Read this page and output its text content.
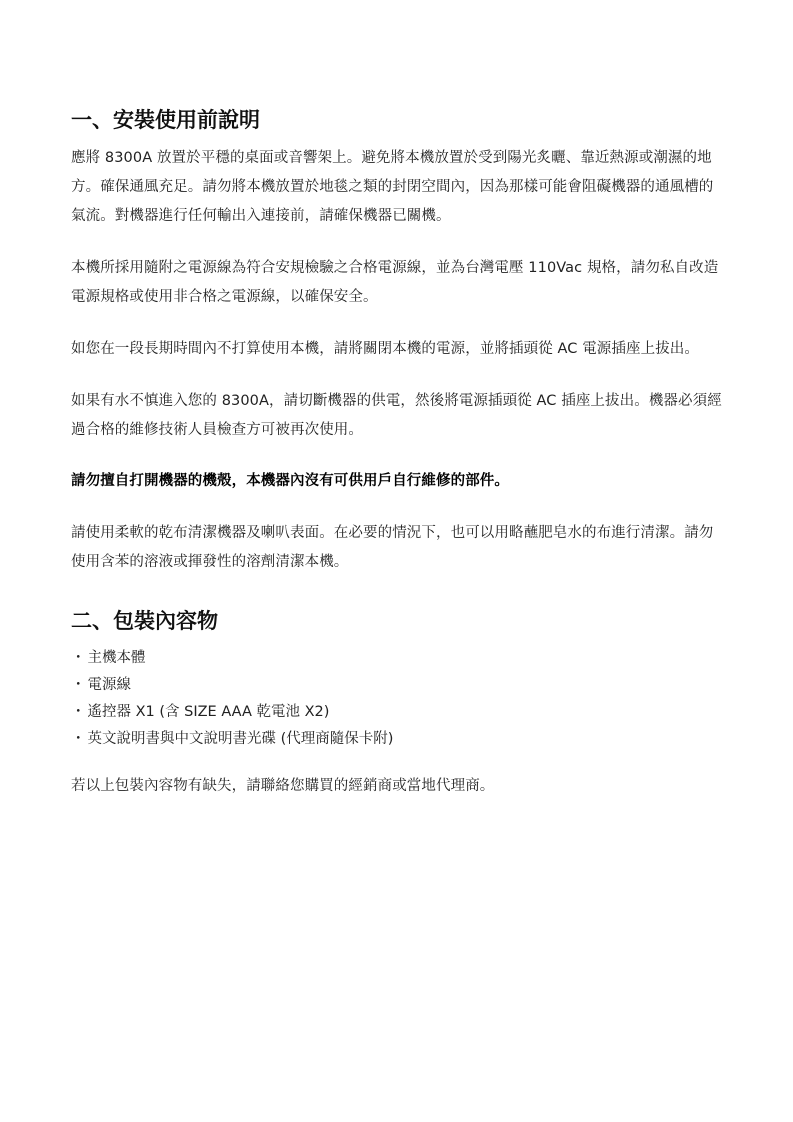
一、安裝使用前說明

應將 8300A 放置於平穩的桌面或音響架上。避免將本機放置於受到陽光炙曬、靠近熱源或潮濕的地方。確保通風充足。請勿將本機放置於地毯之類的封閉空間內，因為那樣可能會阻礙機器的通風槽的氣流。對機器進行任何輸出入連接前，請確保機器已關機。

本機所採用隨附之電源線為符合安規檢驗之合格電源線，並為台灣電壓 110Vac 規格，請勿私自改造電源規格或使用非合格之電源線，以確保安全。

如您在一段長期時間內不打算使用本機，請將關閉本機的電源，並將插頭從 AC 電源插座上拔出。

如果有水不慎進入您的 8300A，請切斷機器的供電，然後將電源插頭從 AC 插座上拔出。機器必須經過合格的維修技術人員檢查方可被再次使用。

請勿擅自打開機器的機殼，本機器內沒有可供用戶自行維修的部件。

請使用柔軟的乾布清潔機器及喇叭表面。在必要的情況下，也可以用略蘸肥皂水的布進行清潔。請勿使用含苯的溶液或揮發性的溶劑清潔本機。

二、包裝內容物
・ 主機本體
・ 電源線
・ 遙控器 X1 (含 SIZE AAA 乾電池 X2)
・ 英文說明書與中文說明書光碟 (代理商隨保卡附)

若以上包裝內容物有缺失，請聯絡您購買的經銷商或當地代理商。
